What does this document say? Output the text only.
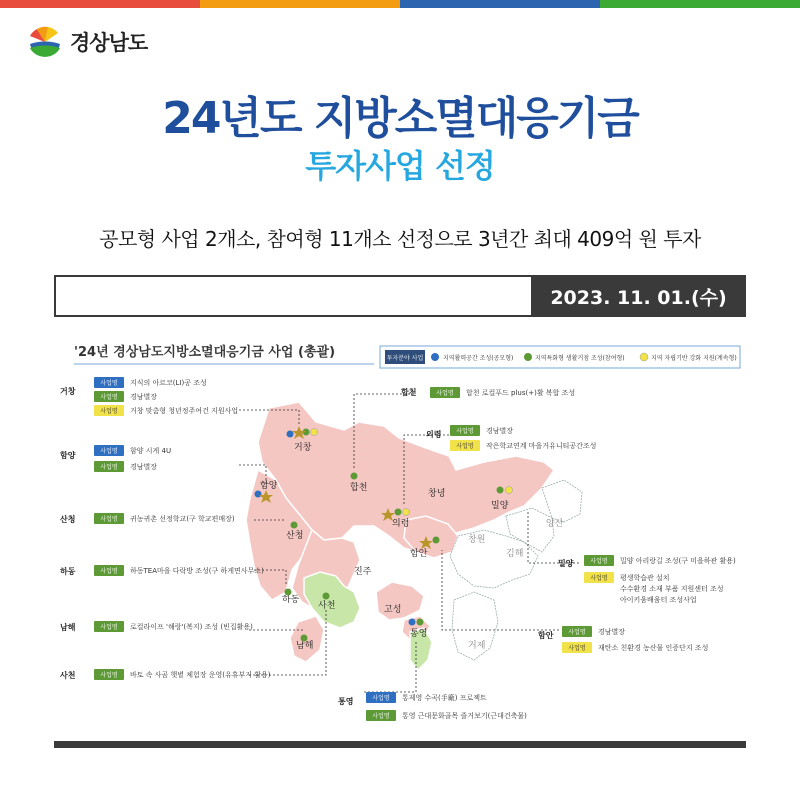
경상남도
24년도 지방소멸대응기금
투자사업 선정
공모형 사업 2개소, 참여형 11개소 선정으로 3년간 최대 409억 원 투자
2023. 11. 01.(수)
'24년 경상남도지방소멸대응기금 사업 (총괄)	투자분야 사업	지역활력공간 조성(공모형)	지역특화형 생활거점 조성(참여형)	지역 자립기반 강화 지원(계속형)
거창
함양	합천
산청
의령
창녕
밀양
양산
함안	김해
진주
하동
사천	고성
통영
남해	거제
창원
거창
사업명	지식의 아르코(LI)공 조성
사업명	경남별장
사업명	거창 맞춤형 청년정주여건 지원사업
함양	사업명	함양 시게 4U
사업명	경남별장
산청	사업명	귀농귀촌 선정학교(구 학교편매장)
하동	사업명	하동TEA마을 다락방 조성(구 하게면사무소)
남해	사업명	로컬라이프 '해랑'(복지) 조성 (빈집활용)
사천	사업명	바토 속 사곰 햇볕 체험장 운영(유휴부지 활용)
통영	사업명	통제영 수곡(手廠) 프로젝트
사업명	통영 근대문화골목 즐거보기(근대건축물)
합천	사업명	합천 로컬푸드 plus(+)활 복합 조성
의령	사업명	경남별장
사업명	작은학교연계 마을거유니티공간조성
밀양	사업명	밀양 아리랑길 조성(구 미을하관 활용)
사업명	평생학습관 설치
수수환경 소재 부품 지원센터 조성
아이키움배움터 조성사업
함안	사업명	경남별장
사업명	재탄소 친환경 농산물 인증단지 조성
